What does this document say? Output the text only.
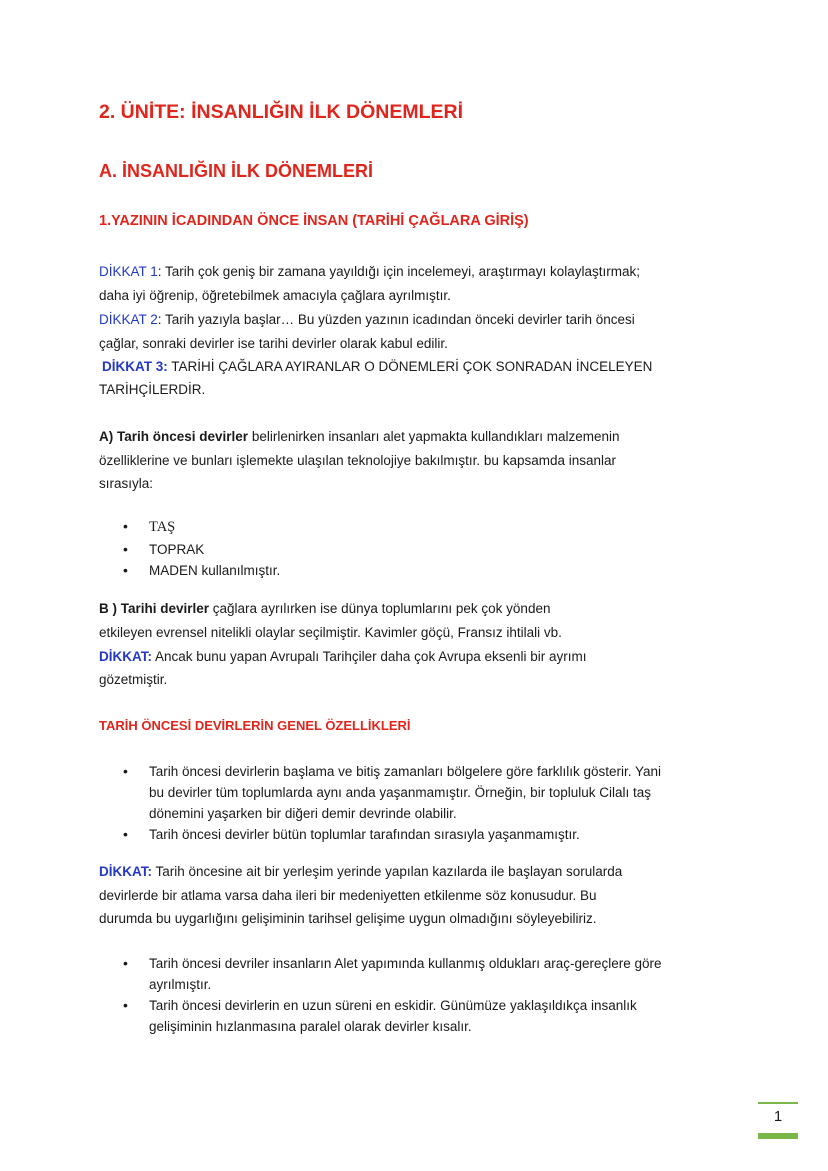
2. ÜNİTE: İNSANLIĞIN İLK DÖNEMLERİ
A. İNSANLIĞIN İLK DÖNEMLERİ
1.YAZININ İCADINDAN ÖNCE İNSAN (TARİHİ ÇAĞLARA GİRİŞ)
DİKKAT 1: Tarih çok geniş bir zamana yayıldığı için incelemeyi, araştırmayı kolaylaştırmak;
daha iyi öğrenip, öğretebilmek amacıyla çağlara ayrılmıştır.
DİKKAT 2: Tarih yazıyla başlar… Bu yüzden yazının icadından önceki devirler tarih öncesi
çağlar, sonraki devirler ise tarihi devirler olarak kabul edilir.
DİKKAT 3: TARİHİ ÇAĞLARA AYIRANLAR O DÖNEMLERİ ÇOK SONRADAN İNCELEYEN
TARİHÇİLERDİR.
A) Tarih öncesi devirler belirlenirken insanları alet yapmakta kullandıkları malzemenin
özelliklerine ve bunları işlemekte ulaşılan teknolojiye bakılmıştır. bu kapsamda insanlar
sırasıyla:
• TAŞ
• TOPRAK
• MADEN kullanılmıştır.
B ) Tarihi devirler çağlara ayrılırken ise dünya toplumlarını pek çok yönden
etkileyen evrensel nitelikli olaylar seçilmiştir. Kavimler göçü, Fransız ihtilali vb.
DİKKAT: Ancak bunu yapan Avrupalı Tarihçiler daha çok Avrupa eksenli bir ayrımı
gözetmiştir.
TARİH ÖNCESİ DEVİRLERİN GENEL ÖZELLİKLERİ
• Tarih öncesi devirlerin başlama ve bitiş zamanları bölgelere göre farklılık gösterir. Yani
bu devirler tüm toplumlarda aynı anda yaşanmamıştır. Örneğin, bir topluluk Cilalı taş
dönemini yaşarken bir diğeri demir devrinde olabilir.
• Tarih öncesi devirler bütün toplumlar tarafından sırasıyla yaşanmamıştır.
DİKKAT: Tarih öncesine ait bir yerleşim yerinde yapılan kazılarda ile başlayan sorularda
devirlerde bir atlama varsa daha ileri bir medeniyetten etkilenme söz konusudur. Bu
durumda bu uygarlığını gelişiminin tarihsel gelişime uygun olmadığını söyleyebiliriz.
• Tarih öncesi devriler insanların Alet yapımında kullanmış oldukları araç-gereçlere göre
ayrılmıştır.
• Tarih öncesi devirlerin en uzun süreni en eskidir. Günümüze yaklaşıldıkça insanlık
gelişiminin hızlanmasına paralel olarak devirler kısalır.
1
